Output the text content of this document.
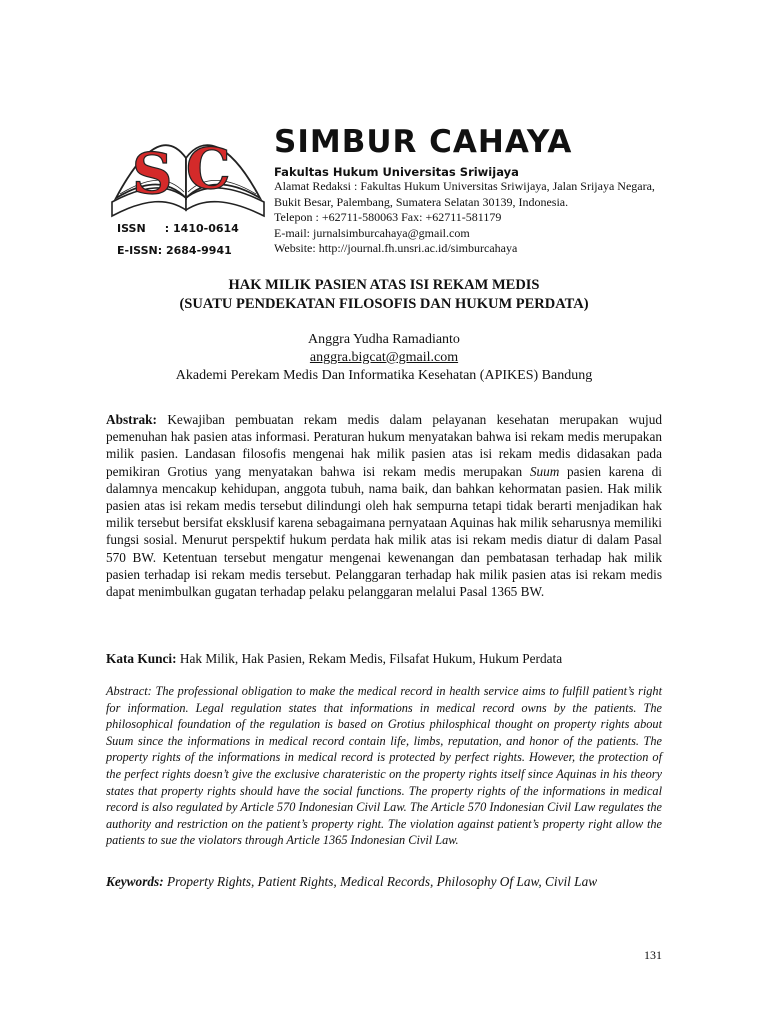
S C SIMBUR CAHAYA
Fakultas Hukum Universitas Sriwijaya
Alamat Redaksi : Fakultas Hukum Universitas Sriwijaya, Jalan Srijaya Negara,
Bukit Besar, Palembang, Sumatera Selatan 30139, Indonesia.
Telepon : +62711-580063 Fax: +62711-581179
E-mail: jurnalsimburcahaya@gmail.com
Website: http://journal.fh.unsri.ac.id/simburcahaya
ISSN     : 1410-0614
E-ISSN: 2684-9941
HAK MILIK PASIEN ATAS ISI REKAM MEDIS
(SUATU PENDEKATAN FILOSOFIS DAN HUKUM PERDATA)
Anggra Yudha Ramadianto
anggra.bigcat@gmail.com
Akademi Perekam Medis Dan Informatika Kesehatan (APIKES) Bandung
Abstrak: Kewajiban pembuatan rekam medis dalam pelayanan kesehatan merupakan wujud pemenuhan hak pasien atas informasi. Peraturan hukum menyatakan bahwa isi rekam medis merupakan milik pasien. Landasan filosofis mengenai hak milik pasien atas isi rekam medis didasakan pada pemikiran Grotius yang menyatakan bahwa isi rekam medis merupakan Suum pasien karena di dalamnya mencakup kehidupan, anggota tubuh, nama baik, dan bahkan kehormatan pasien. Hak milik pasien atas isi rekam medis tersebut dilindungi oleh hak sempurna tetapi tidak berarti menjadikan hak milik tersebut bersifat eksklusif karena sebagaimana pernyataan Aquinas hak milik seharusnya memiliki fungsi sosial. Menurut perspektif hukum perdata hak milik atas isi rekam medis diatur di dalam Pasal 570 BW. Ketentuan tersebut mengatur mengenai kewenangan dan pembatasan terhadap hak milik pasien terhadap isi rekam medis tersebut. Pelanggaran terhadap hak milik pasien atas isi rekam medis dapat menimbulkan gugatan terhadap pelaku pelanggaran melalui Pasal 1365 BW.
Kata Kunci: Hak Milik, Hak Pasien, Rekam Medis, Filsafat Hukum, Hukum Perdata
Abstract: The professional obligation to make the medical record in health service aims to fulfill patient’s right for information. Legal regulation states that informations in medical record owns by the patients. The philosophical foundation of the regulation is based on Grotius philosphical thought on property rights about Suum since the informations in medical record contain life, limbs, reputation, and honor of the patients. The property rights of the informations in medical record is protected by perfect rights. However, the protection of the perfect rights doesn’t give the exclusive charateristic on the property rights itself since Aquinas in his theory states that property rights should have the social functions. The property rights of the informations in medical record is also regulated by Article 570 Indonesian Civil Law. The Article 570 Indonesian Civil Law regulates the authority and restriction on the patient’s property right. The violation against patient’s property right allow the patients to sue the violators through Article 1365 Indonesian Civil Law.
Keywords: Property Rights, Patient Rights, Medical Records, Philosophy Of Law, Civil Law
131
